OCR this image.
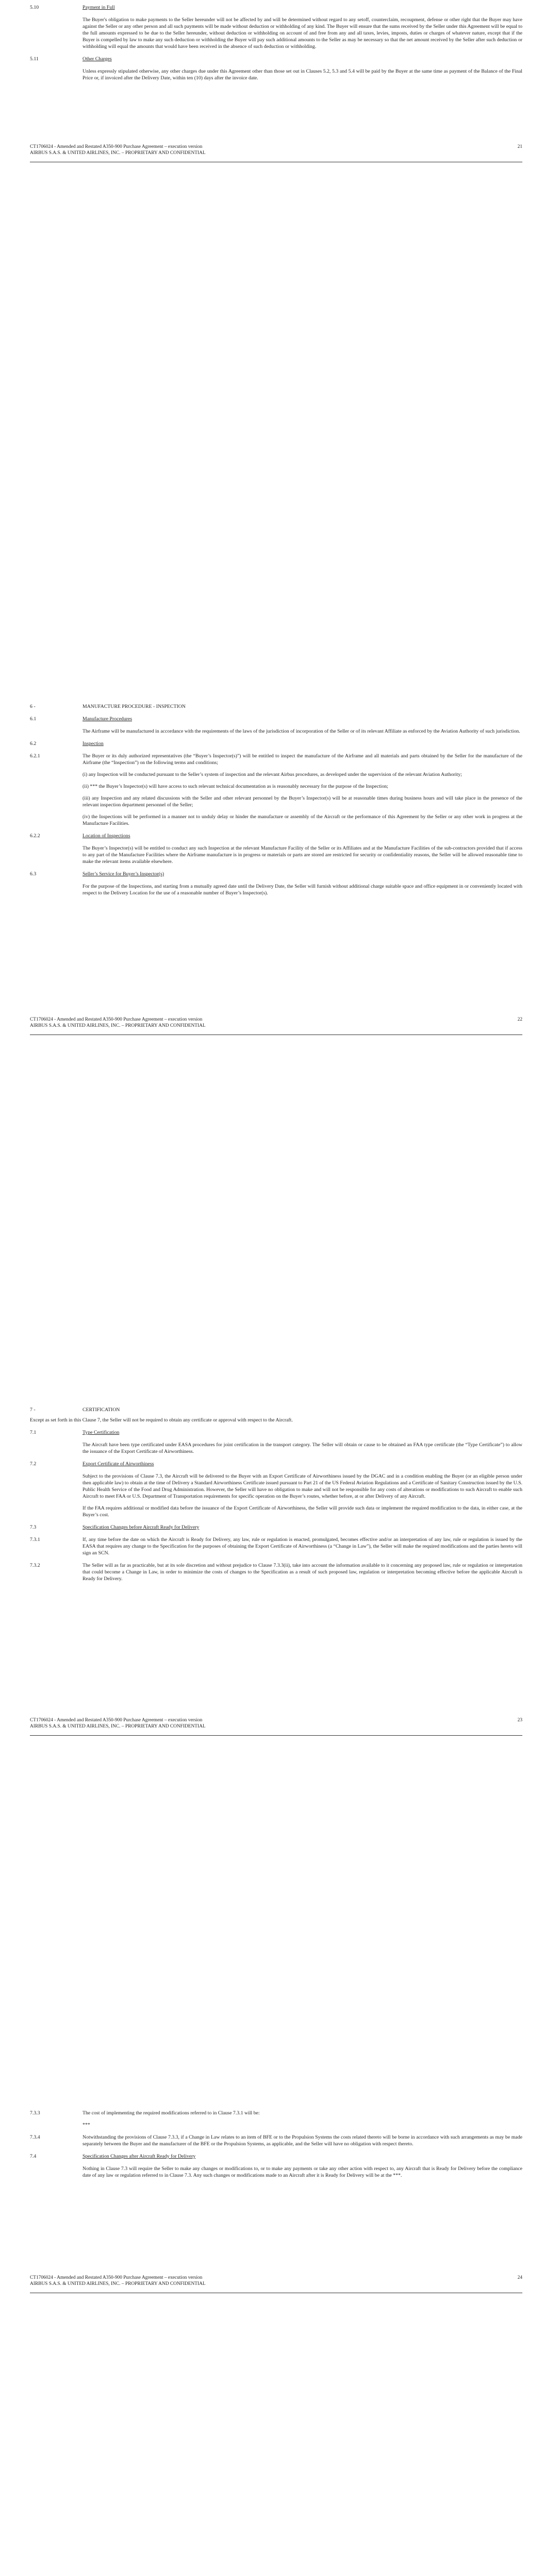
5.10	Payment in Full

The Buyer's obligation to make payments to the Seller hereunder will not be affected by and will be determined without regard to any setoff, counterclaim, recoupment, defense or other right that the Buyer may have against the Seller or any other person and all such payments will be made without deduction or withholding of any kind. The Buyer will ensure that the sums received by the Seller under this Agreement will be equal to the full amounts expressed to be due to the Seller hereunder, without deduction or withholding on account of and free from any and all taxes, levies, imposts, duties or charges of whatever nature, except that if the Buyer is compelled by law to make any such deduction or withholding the Buyer will pay such additional amounts to the Seller as may be necessary so that the net amount received by the Seller after such deduction or withholding will equal the amounts that would have been received in the absence of such deduction or withholding.

5.11	Other Charges

Unless expressly stipulated otherwise, any other charges due under this Agreement other than those set out in Clauses 5.2, 5.3 and 5.4 will be paid by the Buyer at the same time as payment of the Balance of the Final Price or, if invoiced after the Delivery Date, within ten (10) days after the invoice date.

CT1706024 - Amended and Restated A350-900 Purchase Agreement – execution version
AIRBUS S.A.S. & UNITED AIRLINES, INC. – PROPRIETARY AND CONFIDENTIAL
21
6 -	MANUFACTURE PROCEDURE - INSPECTION
6.1	Manufacture Procedures

The Airframe will be manufactured in accordance with the requirements of the laws of the jurisdiction of incorporation of the Seller or of its relevant Affiliate as enforced by the Aviation Authority of such jurisdiction.

6.2	Inspection
6.2.1	The Buyer or its duly authorized representatives (the “Buyer’s Inspector(s)”) will be entitled to inspect the manufacture of the Airframe and all materials and parts obtained by the Seller for the manufacture of the Airframe (the “Inspection”) on the following terms and conditions;

(i) any Inspection will be conducted pursuant to the Seller’s system of inspection and the relevant Airbus procedures, as developed under the supervision of the relevant Aviation Authority;

(ii) *** the Buyer’s Inspector(s) will have access to such relevant technical documentation as is reasonably necessary for the purpose of the Inspection;

(iii) any Inspection and any related discussions with the Seller and other relevant personnel by the Buyer’s Inspector(s) will be at reasonable times during business hours and will take place in the presence of the relevant inspection department personnel of the Seller;

(iv) the Inspections will be performed in a manner not to unduly delay or hinder the manufacture or assembly of the Aircraft or the performance of this Agreement by the Seller or any other work in progress at the Manufacture Facilities.

6.2.2	Location of Inspections

The Buyer’s Inspector(s) will be entitled to conduct any such Inspection at the relevant Manufacture Facility of the Seller or its Affiliates and at the Manufacture Facilities of the sub-contractors provided that if access to any part of the Manufacture Facilities where the Airframe manufacture is in progress or materials or parts are stored are restricted for security or confidentiality reasons, the Seller will be allowed reasonable time to make the relevant items available elsewhere.

6.3	Seller’s Service for Buyer’s Inspector(s)

For the purpose of the Inspections, and starting from a mutually agreed date until the Delivery Date, the Seller will furnish without additional charge suitable space and office equipment in or conveniently located with respect to the Delivery Location for the use of a reasonable number of Buyer’s Inspector(s).

CT1706024 - Amended and Restated A350-900 Purchase Agreement – execution version
AIRBUS S.A.S. & UNITED AIRLINES, INC. – PROPRIETARY AND CONFIDENTIAL
22
7 -	CERTIFICATION

Except as set forth in this Clause 7, the Seller will not be required to obtain any certificate or approval with respect to the Aircraft.

7.1	Type Certification

The Aircraft have been type certificated under EASA procedures for joint certification in the transport category. The Seller will obtain or cause to be obtained an FAA type certificate (the “Type Certificate”) to allow the issuance of the Export Certificate of Airworthiness.

7.2	Export Certificate of Airworthiness

Subject to the provisions of Clause 7.3, the Aircraft will be delivered to the Buyer with an Export Certificate of Airworthiness issued by the DGAC and in a condition enabling the Buyer (or an eligible person under then applicable law) to obtain at the time of Delivery a Standard Airworthiness Certificate issued pursuant to Part 21 of the US Federal Aviation Regulations and a Certificate of Sanitary Construction issued by the U.S. Public Health Service of the Food and Drug Administration. However, the Seller will have no obligation to make and will not be responsible for any costs of alterations or modifications to such Aircraft to enable such Aircraft to meet FAA or U.S. Department of Transportation requirements for specific operation on the Buyer’s routes, whether before, at or after Delivery of any Aircraft.

If the FAA requires additional or modified data before the issuance of the Export Certificate of Airworthiness, the Seller will provide such data or implement the required modification to the data, in either case, at the Buyer’s cost.

7.3	Specification Changes before Aircraft Ready for Delivery
7.3.1	If, any time before the date on which the Aircraft is Ready for Delivery, any law, rule or regulation is enacted, promulgated, becomes effective and/or an interpretation of any law, rule or regulation is issued by the EASA that requires any change to the Specification for the purposes of obtaining the Export Certificate of Airworthiness (a “Change in Law”), the Seller will make the required modifications and the parties hereto will sign an SCN.

7.3.2	The Seller will as far as practicable, but at its sole discretion and without prejudice to Clause 7.3.3(ii), take into account the information available to it concerning any proposed law, rule or regulation or interpretation that could become a Change in Law, in order to minimize the costs of changes to the Specification as a result of such proposed law, regulation or interpretation becoming effective before the applicable Aircraft is Ready for Delivery.

CT1706024 - Amended and Restated A350-900 Purchase Agreement – execution version
AIRBUS S.A.S. & UNITED AIRLINES, INC. – PROPRIETARY AND CONFIDENTIAL
23
7.3.3	The cost of implementing the required modifications referred to in Clause 7.3.1 will be:

***

7.3.4	Notwithstanding the provisions of Clause 7.3.3, if a Change in Law relates to an item of BFE or to the Propulsion Systems the costs related thereto will be borne in accordance with such arrangements as may be made separately between the Buyer and the manufacturer of the BFE or the Propulsion Systems, as applicable, and the Seller will have no obligation with respect thereto.

7.4	Specification Changes after Aircraft Ready for Delivery

Nothing in Clause 7.3 will require the Seller to make any changes or modifications to, or to make any payments or take any other action with respect to, any Aircraft that is Ready for Delivery before the compliance date of any law or regulation referred to in Clause 7.3. Any such changes or modifications made to an Aircraft after it is Ready for Delivery will be at the ***.

CT1706024 - Amended and Restated A350-900 Purchase Agreement – execution version
AIRBUS S.A.S. & UNITED AIRLINES, INC. – PROPRIETARY AND CONFIDENTIAL
24
